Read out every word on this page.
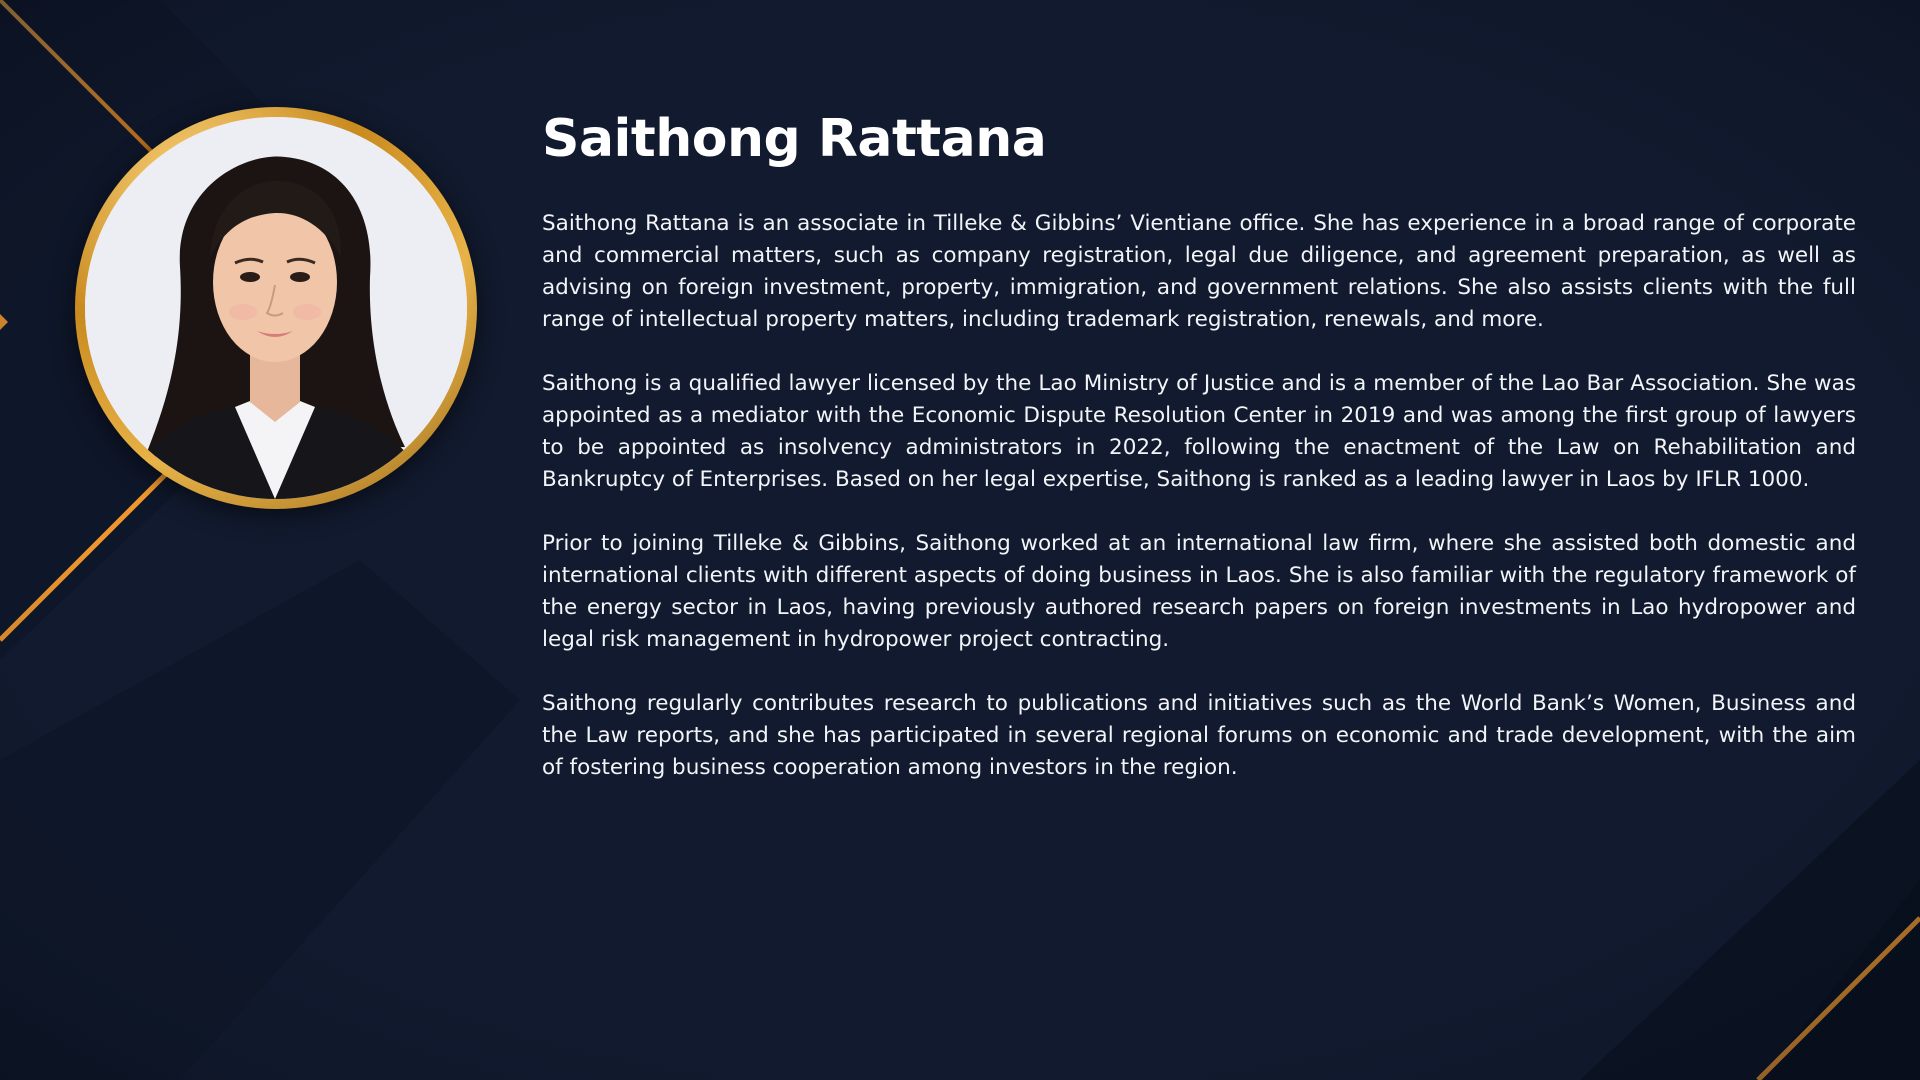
Saithong Rattana

Saithong Rattana is an associate in Tilleke & Gibbins’ Vientiane office. She has experience in a broad range of corporate and commercial matters, such as company registration, legal due diligence, and agreement preparation, as well as advising on foreign investment, property, immigration, and government relations. She also assists clients with the full range of intellectual property matters, including trademark registration, renewals, and more.

Saithong is a qualified lawyer licensed by the Lao Ministry of Justice and is a member of the Lao Bar Association. She was appointed as a mediator with the Economic Dispute Resolution Center in 2019 and was among the first group of lawyers to be appointed as insolvency administrators in 2022, following the enactment of the Law on Rehabilitation and Bankruptcy of Enterprises. Based on her legal expertise, Saithong is ranked as a leading lawyer in Laos by IFLR 1000.

Prior to joining Tilleke & Gibbins, Saithong worked at an international law firm, where she assisted both domestic and international clients with different aspects of doing business in Laos. She is also familiar with the regulatory framework of the energy sector in Laos, having previously authored research papers on foreign investments in Lao hydropower and legal risk management in hydropower project contracting.

Saithong regularly contributes research to publications and initiatives such as the World Bank’s Women, Business and the Law reports, and she has participated in several regional forums on economic and trade development, with the aim of fostering business cooperation among investors in the region.
